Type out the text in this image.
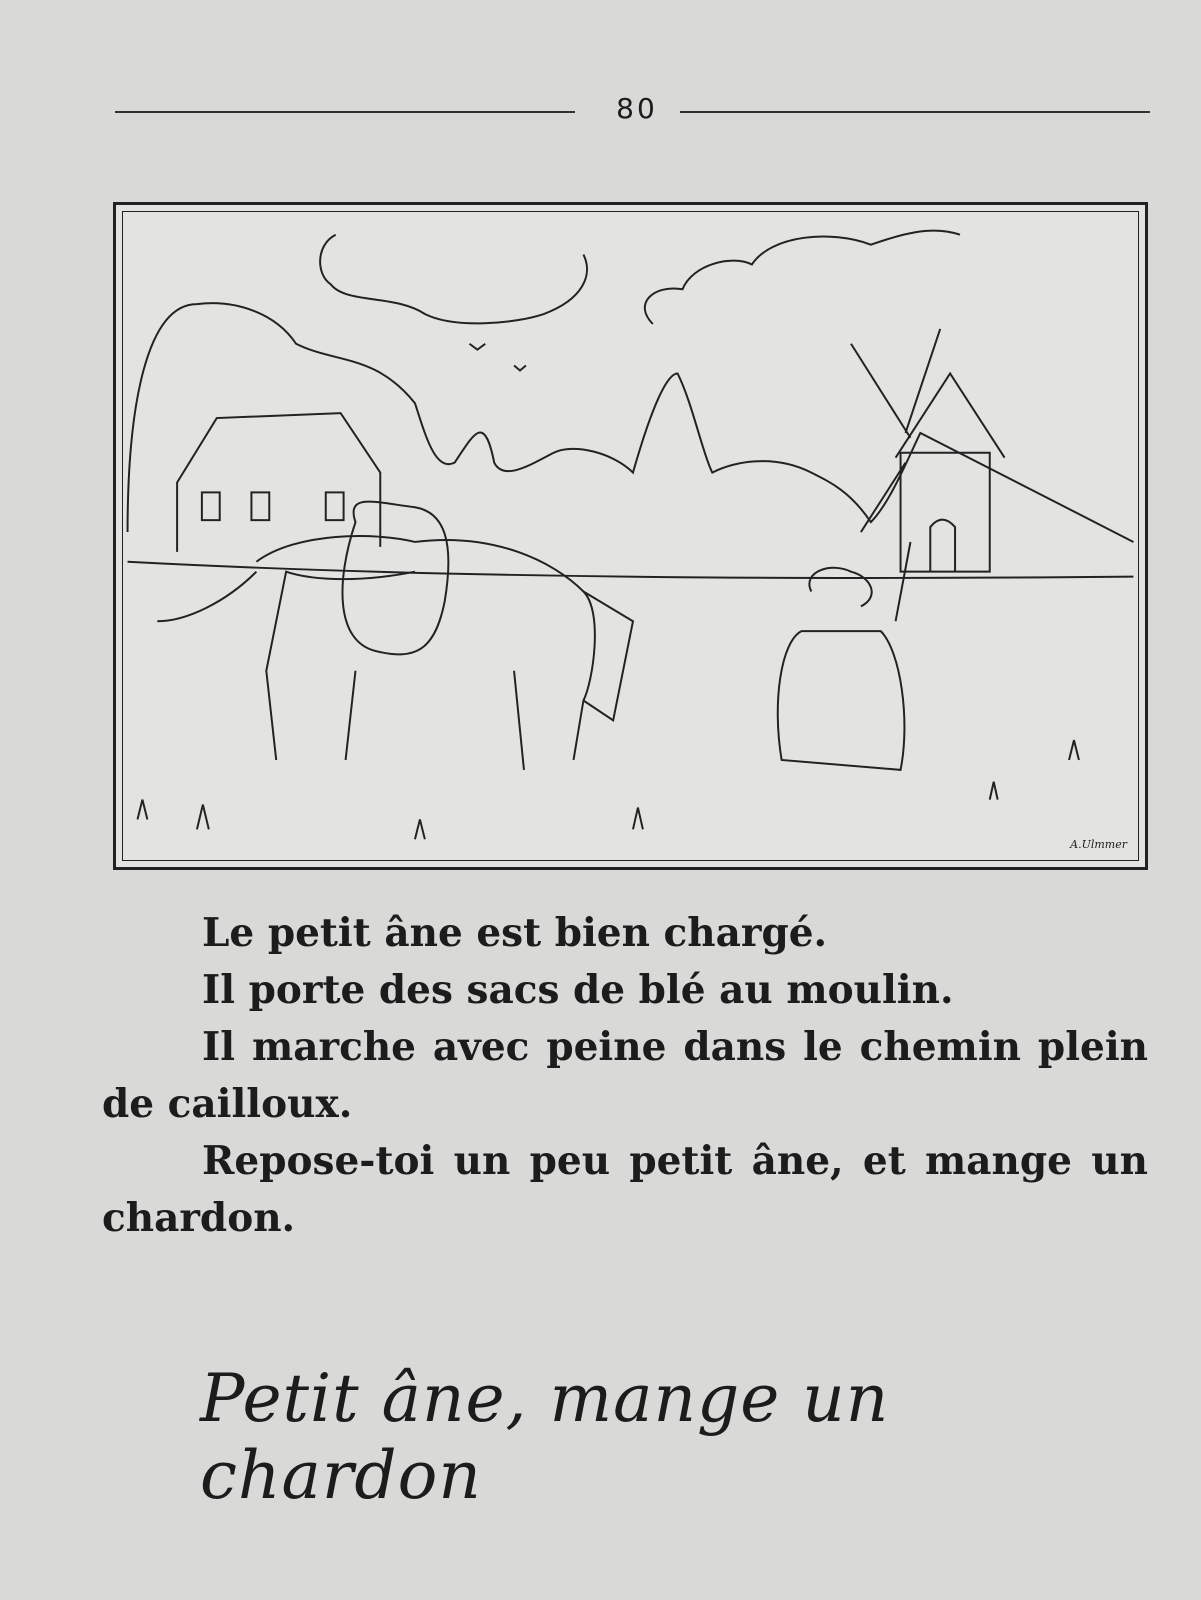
80
A.Ulmmer

Le petit âne est bien chargé.

Il porte des sacs de blé au moulin.

Il marche avec peine dans le chemin plein de cailloux.

Repose-toi un peu petit âne, et mange un chardon.

Petit âne, mange un chardon
